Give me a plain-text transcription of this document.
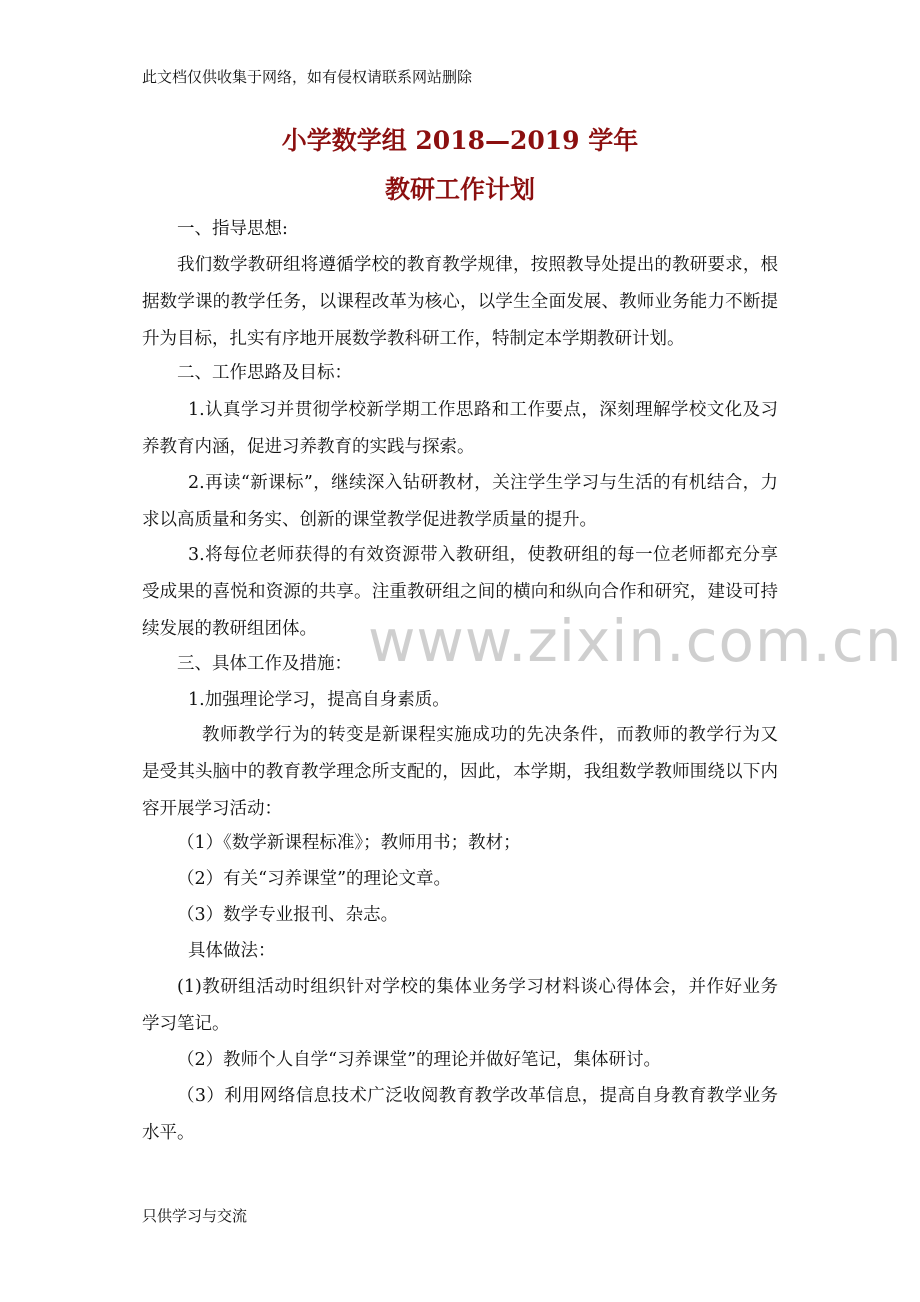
此文档仅供收集于网络，如有侵权请联系网站删除
小学数学组 2018—2019 学年
教研工作计划
一、指导思想:
我们数学教研组将遵循学校的教育教学规律，按照教导处提出的教研要求，根据数学课的教学任务，以课程改革为核心，以学生全面发展、教师业务能力不断提升为目标，扎实有序地开展数学教科研工作，特制定本学期教研计划。
二、工作思路及目标：
1.认真学习并贯彻学校新学期工作思路和工作要点，深刻理解学校文化及习养教育内涵，促进习养教育的实践与探索。
2.再读“新课标”，继续深入钻研教材，关注学生学习与生活的有机结合，力求以高质量和务实、创新的课堂教学促进教学质量的提升。
3.将每位老师获得的有效资源带入教研组，使教研组的每一位老师都充分享受成果的喜悦和资源的共享。注重教研组之间的横向和纵向合作和研究，建设可持续发展的教研组团体。 www.zixin.com.cn
三、具体工作及措施：
1.加强理论学习，提高自身素质。
教师教学行为的转变是新课程实施成功的先决条件，而教师的教学行为又是受其头脑中的教育教学理念所支配的，因此，本学期，我组数学教师围绕以下内容开展学习活动：
（1）《数学新课程标准》；教师用书；教材；
（2）有关“习养课堂”的理论文章。
（3）数学专业报刊、杂志。
具体做法：
(1)教研组活动时组织针对学校的集体业务学习材料谈心得体会，并作好业务学习笔记。
（2）教师个人自学“习养课堂”的理论并做好笔记，集体研讨。
（3）利用网络信息技术广泛收阅教育教学改革信息，提高自身教育教学业务水平。
只供学习与交流
